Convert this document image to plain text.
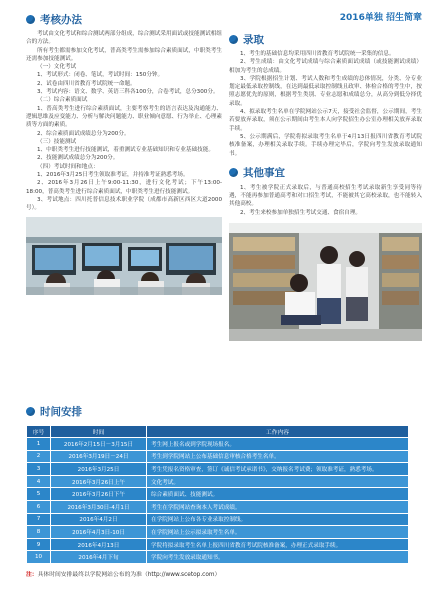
考核办法

考试由文化考试和综合测试两部分组成，综合测试采用面试或技能测试相组合的方法。

所有考生都需参加文化考试，普高类考生需参加综合素质面试，中职类考生还需参加技能测试。

（一）文化考试

1、考试形式：闭卷、笔试，考试时间：150分钟。

2、试卷由四川省教育考试院统一命题。

3、考试内容：语文、数学、英语三科各100分，合卷考试，总分300分。

（二）综合素质面试

1、普高类考生进行综合素质面试，主要考察考生的语言表达及沟通能力、逻辑思维及应变能力、分析与解决问题能力、职业倾向意愿、行为举止、心理素质等方面的素质。

2、综合素质面试成绩总分为200分。

（三）技能测试

1、中职类考生进行技能测试，着重测试专业基础知识和专业基础技能。

2、技能测试成绩总分为200分。

（四）考试时间和地点：

1、2016年3月25日考生领取准考证，并持准考证熟悉考场。

2、2016年3月26日上午9:00-11:30，进行文化考试；下午13:00-18:00，普高类考生进行综合素质面试，中职类考生进行技能测试。

3、考试地点：四川托普信息技术职业学院（成都市高新区西区大道2000号）。

2016单独 招生简章
录取

1、考生的基础信息均采用四川省教育考试院统一采集的信息。

2、考生成绩：由文化考试成绩与综合素质面试成绩（或技能测试成绩）相加为考生的总成绩。

3、学院根据招生计划、考试人数和考生成绩的总体情况，分类、分专业划定最低录取控制线，在达到最低录取控制线且政审、体检合格的考生中，按照志愿优先的原则，根据考生类别、专业志愿和成绩总分，从高分到低分择优录取。

4、拟录取考生名单在学院网站公示7天，接受社会监督，公示期间，考生若要放弃录取，须在公示期间由考生本人向学院招生办公室办理相关放弃录取手续。

5、公示期满后，学院将拟录取考生名单于4月13日报四川省教育考试院核准备案，办理相关录取手续。手续办理完毕后，学院向考生发放录取通知书。

其他事宜

1、考生被学院正式录取后，与普通高校招生考试录取新生享受同等待遇，不能再参加普通高考和对口招生考试，不能被其它高校录取，也不能转入其他高校。

2、考生来校参加单独招生考试交通、食宿自理。

时间安排
序号	时间	工作内容
1	2016年2月15日－3月15日	考生网上报名或到学院现场报名。
2	2016年3月19日－24日	考生到学院网站上公布基础信息审核合格考生名单。
3	2016年3月25日	考生凭报名资格审查，签订《诚信考试承诺书》，交纳报名考试费；领取准考证，熟悉考场。
4	2016年3月26日上午	文化考试。
5	2016年3月26日下午	综合素质面试、技能测试。
6	2016年3月30日-4月1日	考生在学院网站查询本人考试成绩。
7	2016年4月2日	在学院网站上公布各专业录取控制线。
8	2016年4月3日-10日	在学院网站上公示拟录取考生名单。
9	2016年4月13日	学院将拟录取考生名单上报四川省教育考试院核准备案，办理正式录取手续。
10	2016年4月下旬	学院向考生发放录取通知书。
注：具体时间安排最终以学院网站公布的为准（http://www.scetop.com）
